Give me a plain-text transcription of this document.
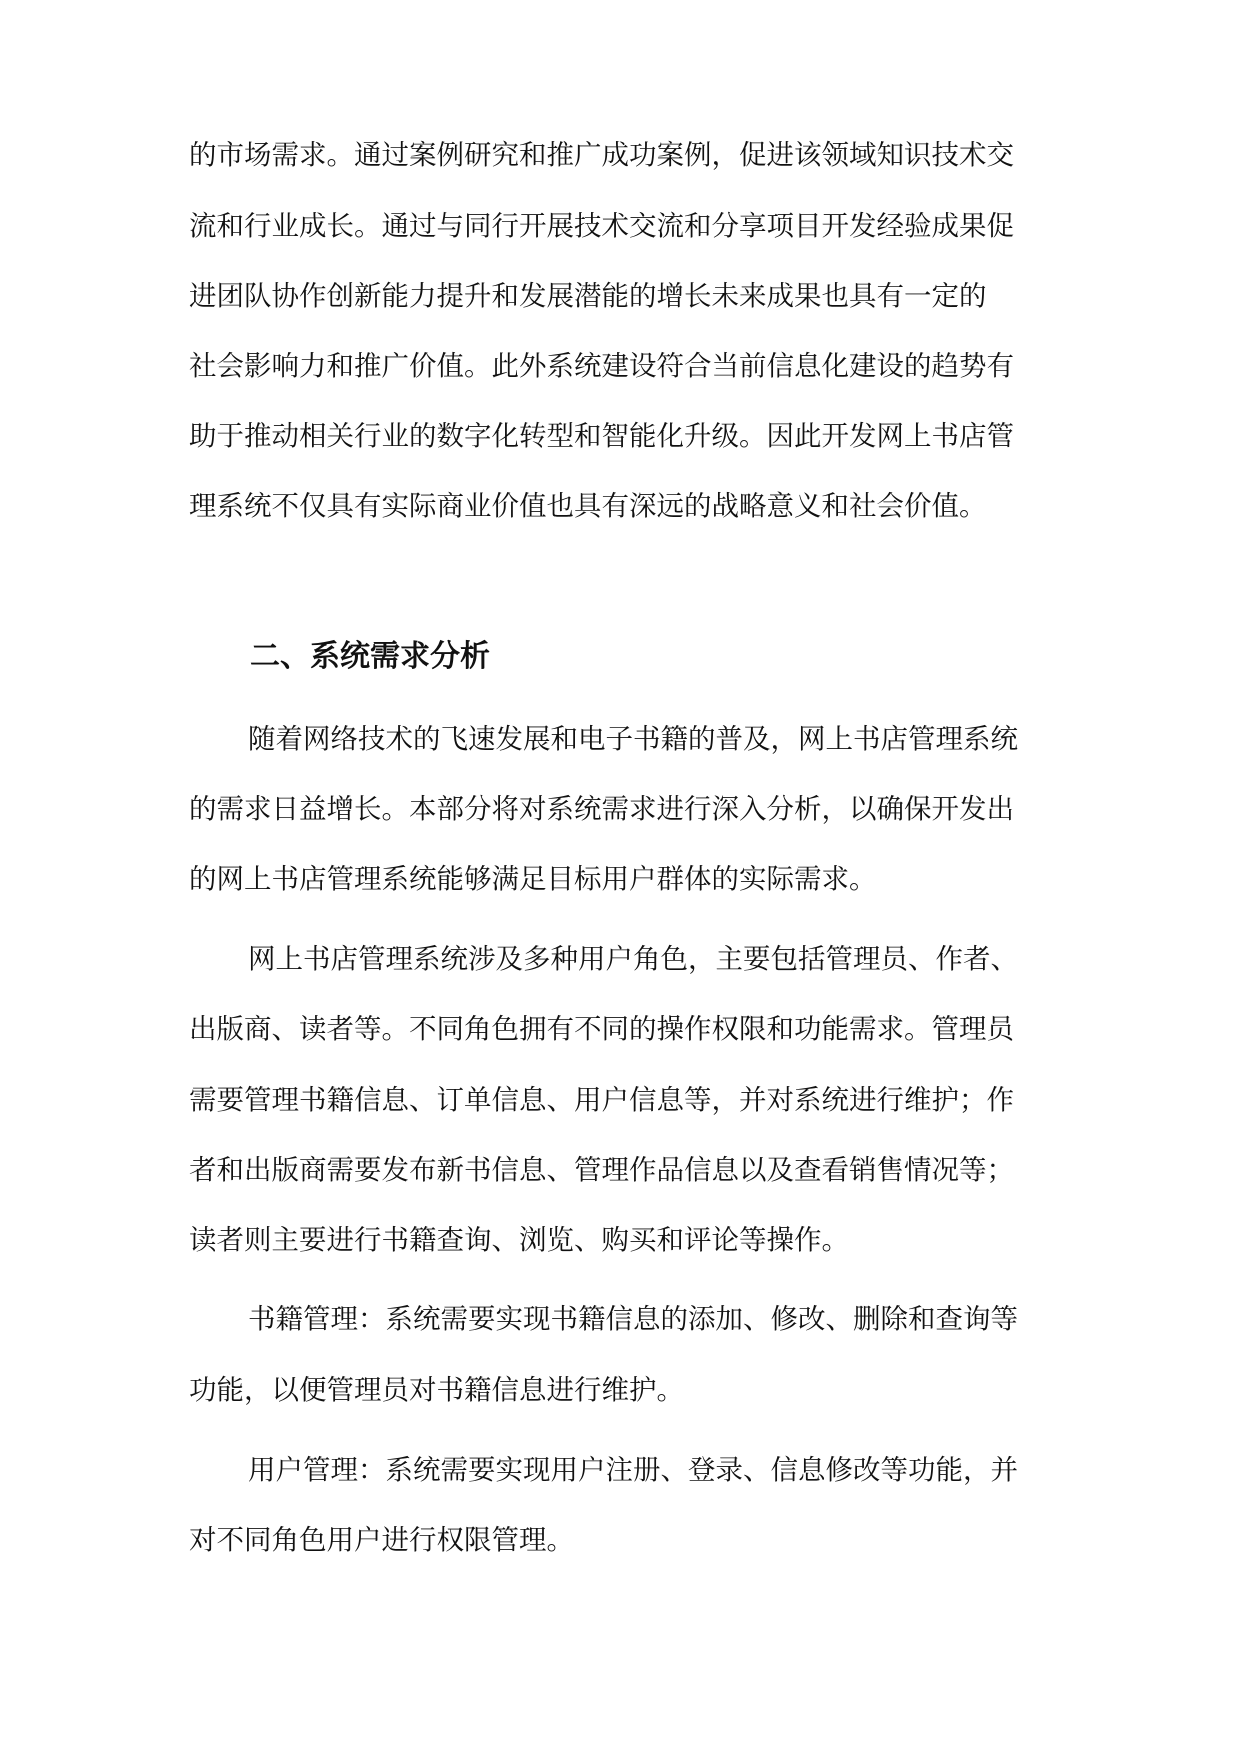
的市场需求。通过案例研究和推广成功案例，促进该领域知识技术交
流和行业成长。通过与同行开展技术交流和分享项目开发经验成果促
进团队协作创新能力提升和发展潜能的增长未来成果也具有一定的
社会影响力和推广价值。此外系统建设符合当前信息化建设的趋势有
助于推动相关行业的数字化转型和智能化升级。因此开发网上书店管
理系统不仅具有实际商业价值也具有深远的战略意义和社会价值。
二、系统需求分析
随着网络技术的飞速发展和电子书籍的普及，网上书店管理系统
的需求日益增长。本部分将对系统需求进行深入分析，以确保开发出
的网上书店管理系统能够满足目标用户群体的实际需求。
网上书店管理系统涉及多种用户角色，主要包括管理员、作者、
出版商、读者等。不同角色拥有不同的操作权限和功能需求。管理员
需要管理书籍信息、订单信息、用户信息等，并对系统进行维护；作
者和出版商需要发布新书信息、管理作品信息以及查看销售情况等；
读者则主要进行书籍查询、浏览、购买和评论等操作。
书籍管理：系统需要实现书籍信息的添加、修改、删除和查询等
功能，以便管理员对书籍信息进行维护。
用户管理：系统需要实现用户注册、登录、信息修改等功能，并
对不同角色用户进行权限管理。
